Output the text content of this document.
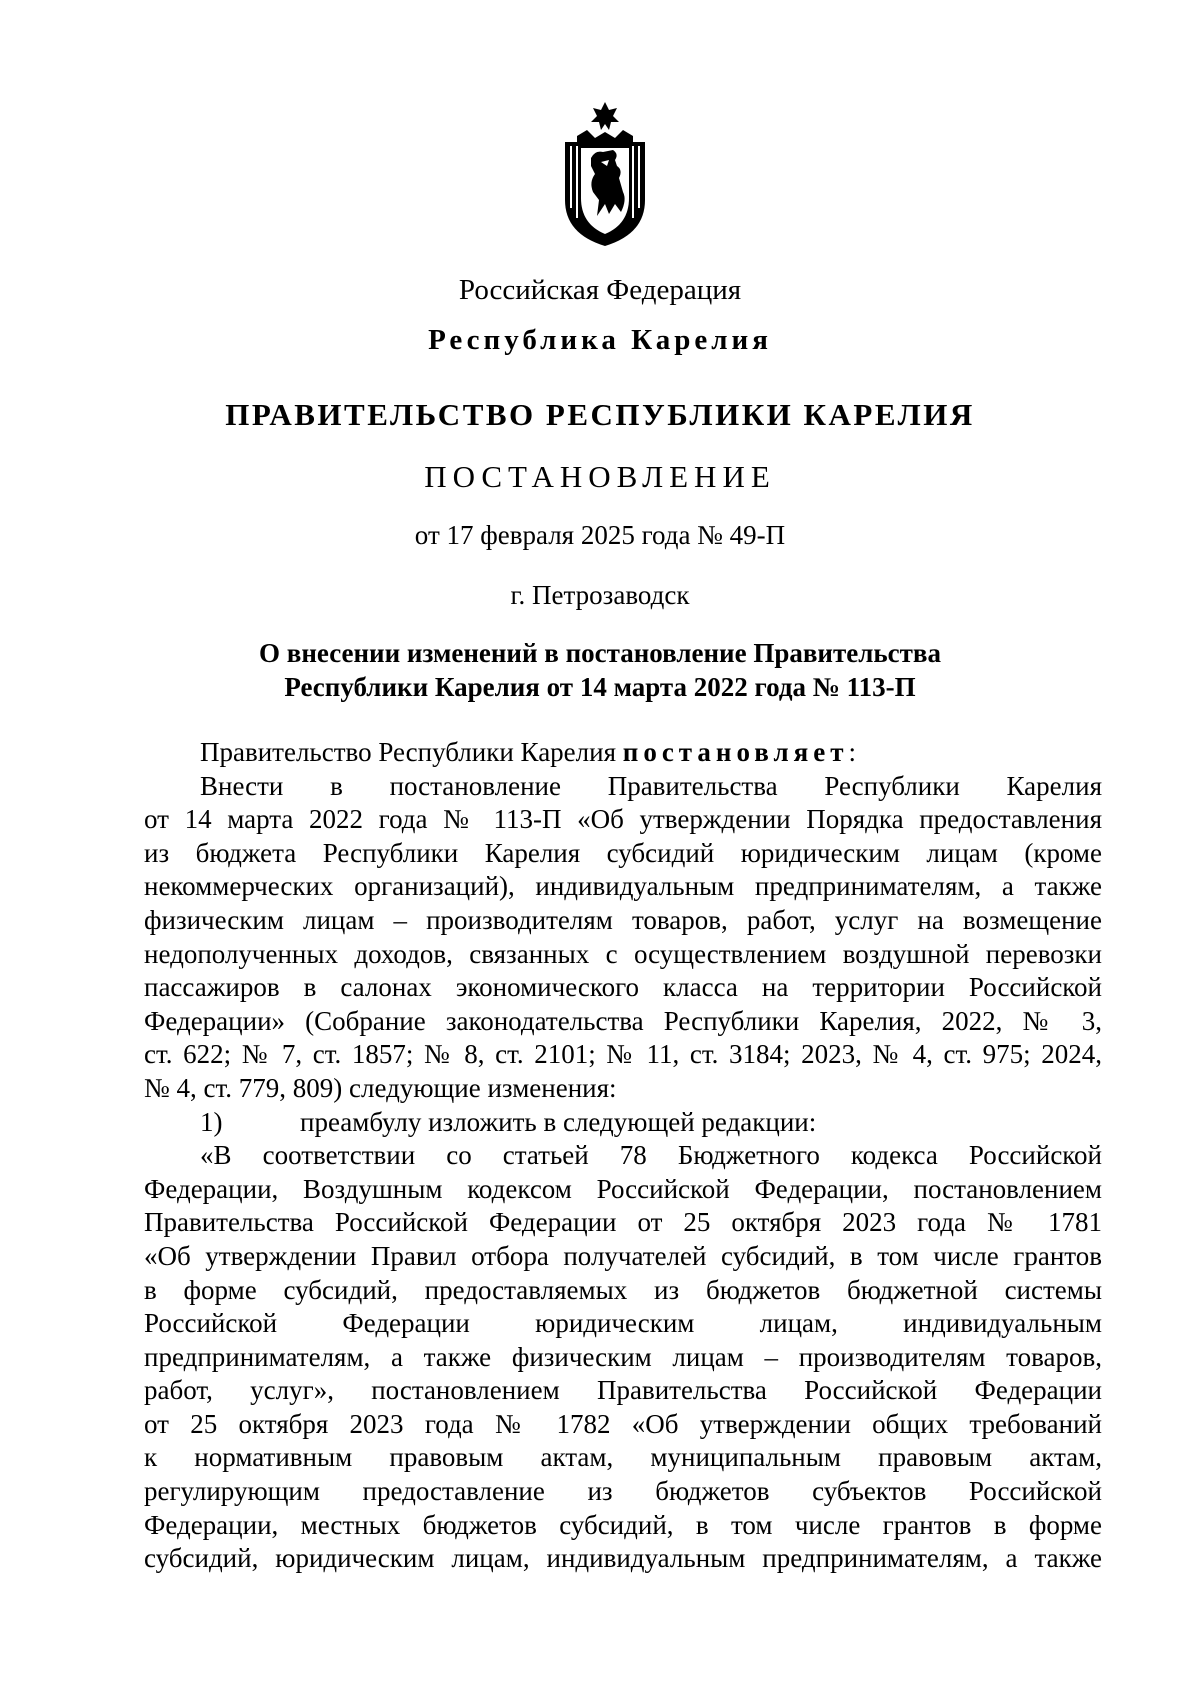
Российская Федерация
Республика Карелия
ПРАВИТЕЛЬСТВО РЕСПУБЛИКИ КАРЕЛИЯ
ПОСТАНОВЛЕНИЕ
от 17 февраля 2025 года № 49-П
г. Петрозаводск
О внесении изменений в постановление Правительства
Республики Карелия от 14 марта 2022 года № 113-П

Правительство Республики Карелия постановляет:

Внести в постановление Правительства Республики Карелия

от 14 марта 2022 года № 113-П «Об утверждении Порядка предоставления

из бюджета Республики Карелия субсидий юридическим лицам (кроме

некоммерческих организаций), индивидуальным предпринимателям, а также

физическим лицам – производителям товаров, работ, услуг на возмещение

недополученных доходов, связанных с осуществлением воздушной перевозки

пассажиров в салонах экономического класса на территории Российской

Федерации» (Собрание законодательства Республики Карелия, 2022, № 3,

ст. 622; № 7, ст. 1857; № 8, ст. 2101; № 11, ст. 3184; 2023, № 4, ст. 975; 2024,

№ 4, ст. 779, 809) следующие изменения:

1)	преамбулу изложить в следующей редакции:

«В соответствии со статьей 78 Бюджетного кодекса Российской

Федерации, Воздушным кодексом Российской Федерации, постановлением

Правительства Российской Федерации от 25 октября 2023 года № 1781

«Об утверждении Правил отбора получателей субсидий, в том числе грантов

в форме субсидий, предоставляемых из бюджетов бюджетной системы

Российской Федерации юридическим лицам, индивидуальным

предпринимателям, а также физическим лицам – производителям товаров,

работ, услуг», постановлением Правительства Российской Федерации

от 25 октября 2023 года № 1782 «Об утверждении общих требований

к нормативным правовым актам, муниципальным правовым актам,

регулирующим предоставление из бюджетов субъектов Российской

Федерации, местных бюджетов субсидий, в том числе грантов в форме

субсидий, юридическим лицам, индивидуальным предпринимателям, а также
